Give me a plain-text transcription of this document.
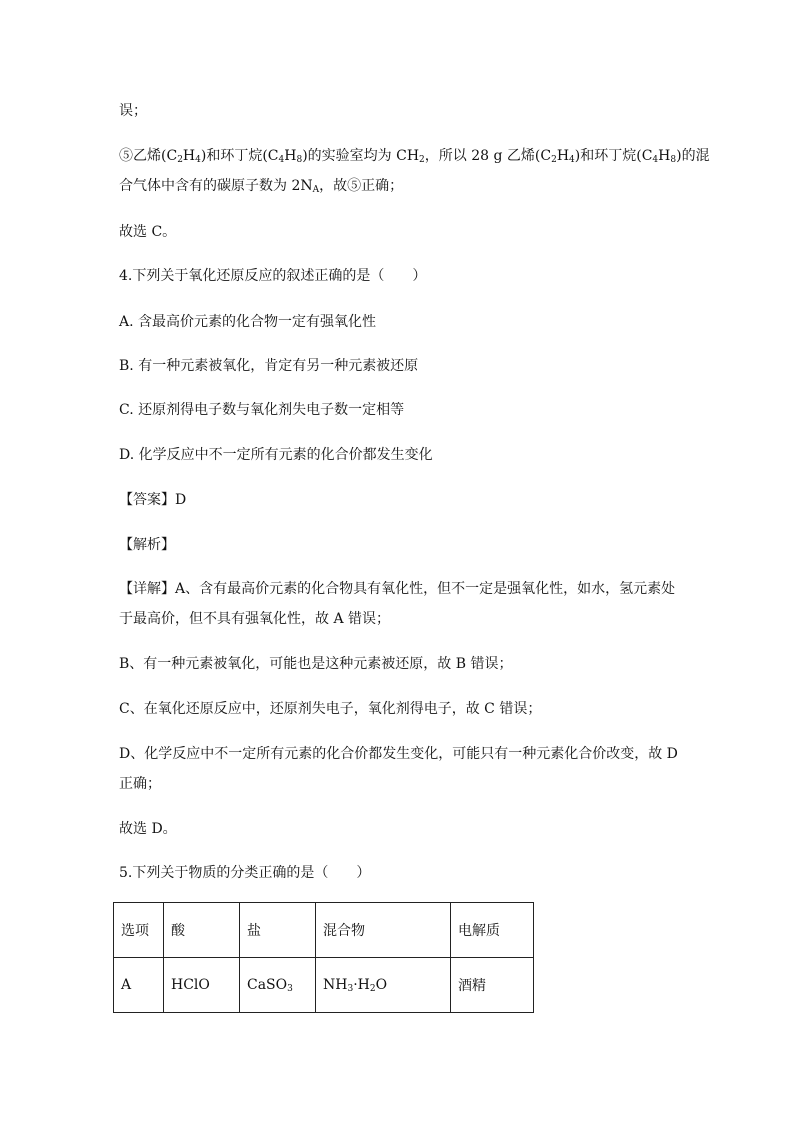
误；
⑤乙烯$(C_2H_4)$和环丁烷$(C_4H_8)$的实验室均为 $CH_2$，所以 28 g 乙烯$(C_2H_4)$和环丁烷$(C_4H_8)$的混
合气体中含有的碳原子数为 $2N_A$，故⑤正确；
故选 C。
4.下列关于氧化还原反应的叙述正确的是（　　）
A. 含最高价元素的化合物一定有强氧化性
B. 有一种元素被氧化，肯定有另一种元素被还原
C. 还原剂得电子数与氧化剂失电子数一定相等
D. 化学反应中不一定所有元素的化合价都发生变化
【答案】D
【解析】
【详解】A、含有最高价元素的化合物具有氧化性，但不一定是强氧化性，如水，氢元素处
于最高价，但不具有强氧化性，故 A 错误；
B、有一种元素被氧化，可能也是这种元素被还原，故 B 错误；
C、在氧化还原反应中，还原剂失电子，氧化剂得电子，故 C 错误；
D、化学反应中不一定所有元素的化合价都发生变化，可能只有一种元素化合价改变，故 D
正确；
故选 D。
5.下列关于物质的分类正确的是（　　）
选项	酸	盐	混合物	电解质
A	HClO	CaSO$_3$	$NH_3\cdot H_2O$	酒精
